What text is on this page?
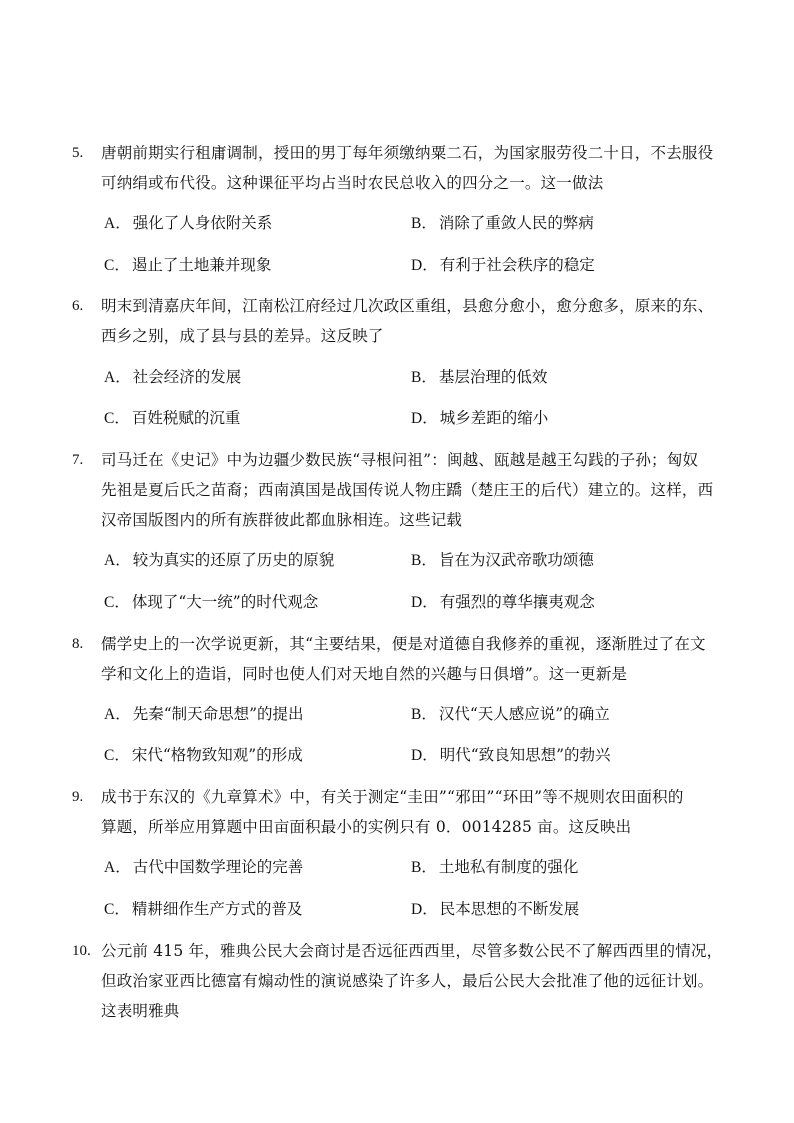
5. 唐朝前期实行租庸调制，授田的男丁每年须缴纳粟二石，为国家服劳役二十日，不去服役
可纳绢或布代役。这种课征平均占当时农民总收入的四分之一。这一做法
A． 强化了人身依附关系	B． 消除了重敛人民的弊病
C． 遏止了土地兼并现象	D． 有利于社会秩序的稳定
6. 明末到清嘉庆年间，江南松江府经过几次政区重组，县愈分愈小，愈分愈多，原来的东、
西乡之别，成了县与县的差异。这反映了
A． 社会经济的发展	B． 基层治理的低效
C． 百姓税赋的沉重	D． 城乡差距的缩小
7. 司马迁在《史记》中为边疆少数民族“寻根问祖”：闽越、瓯越是越王勾践的子孙；匈奴
先祖是夏后氏之苗裔；西南滇国是战国传说人物庄蹻（楚庄王的后代）建立的。这样，西
汉帝国版图内的所有族群彼此都血脉相连。这些记载
A． 较为真实的还原了历史的原貌	B． 旨在为汉武帝歌功颂德
C． 体现了“大一统”的时代观念	D． 有强烈的尊华攘夷观念
8. 儒学史上的一次学说更新，其“主要结果，便是对道德自我修养的重视，逐渐胜过了在文
学和文化上的造诣，同时也使人们对天地自然的兴趣与日俱增”。这一更新是
A． 先秦“制天命思想”的提出	B． 汉代“天人感应说”的确立
C． 宋代“格物致知观”的形成	D． 明代“致良知思想”的勃兴
9. 成书于东汉的《九章算术》中，有关于测定“圭田”“邪田”“环田”等不规则农田面积的
算题，所举应用算题中田亩面积最小的实例只有 0．0014285 亩。这反映出
A． 古代中国数学理论的完善	B． 土地私有制度的强化
C． 精耕细作生产方式的普及	D． 民本思想的不断发展
10. 公元前 415 年，雅典公民大会商讨是否远征西西里，尽管多数公民不了解西西里的情况，
但政治家亚西比德富有煽动性的演说感染了许多人，最后公民大会批准了他的远征计划。
这表明雅典
